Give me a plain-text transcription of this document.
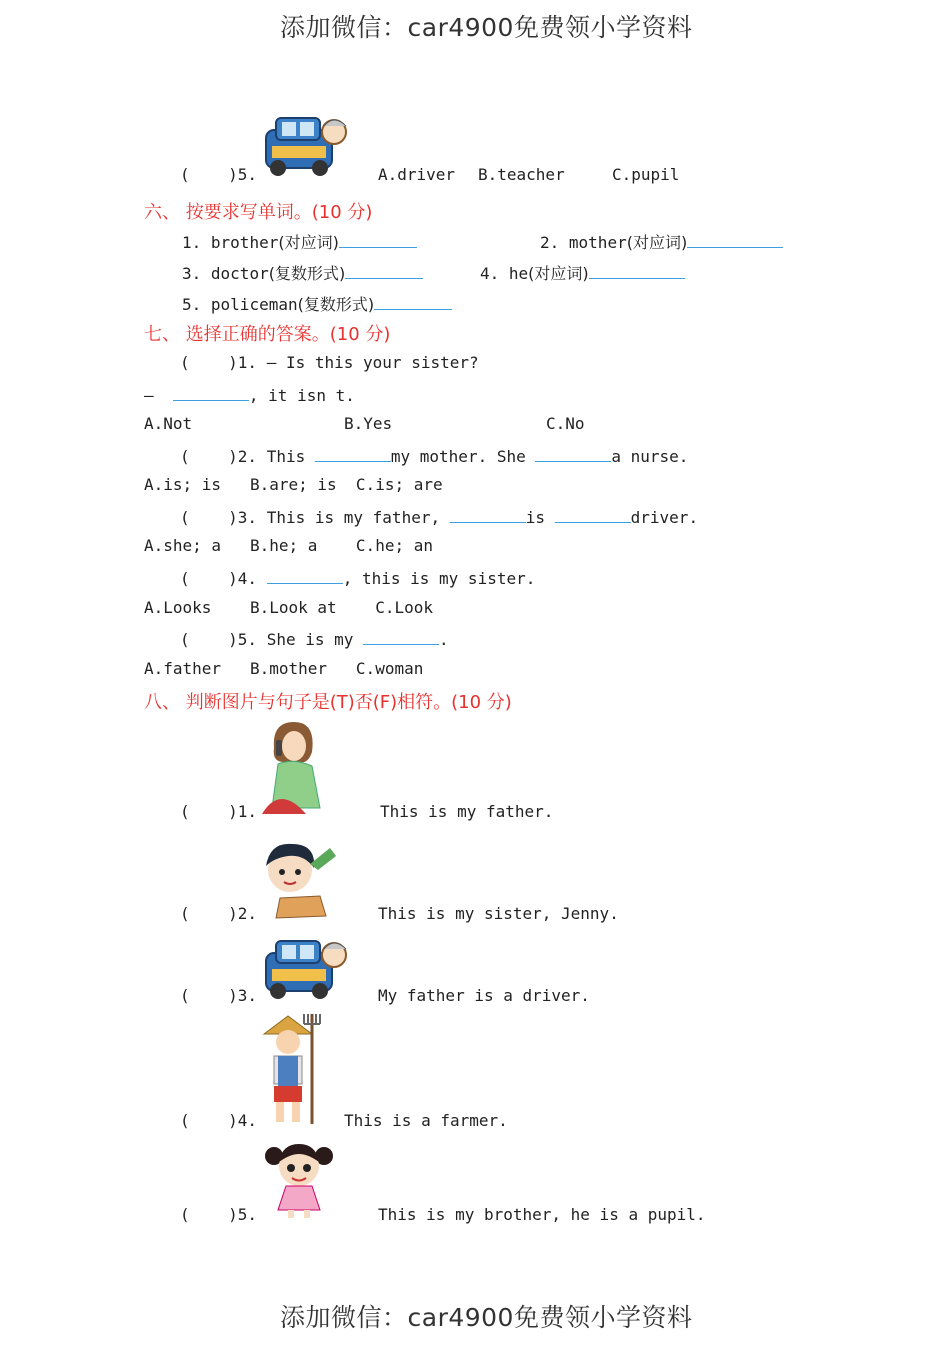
添加微信：car4900免费领小学资料
(    )5.	A.driver B.teacher	C.pupil
六、 按要求写单词。(10 分)
1. brother(对应词)	2. mother(对应词)
3. doctor(复数形式)	4. he(对应词)
5. policeman(复数形式)
七、 选择正确的答案。(10 分)
(    )1. — Is this your sister?
—	, it isn t.
A.Not	B.Yes	C.No
(    )2. This	my mother. She	a nurse.
A.is; is   B.are; is  C.is; are
(    )3. This is my father,	is	driver.
A.she; a   B.he; a    C.he; an
(    )4.	, this is my sister.
A.Looks    B.Look at    C.Look
(    )5. She is my	.
A.father   B.mother   C.woman
八、 判断图片与句子是(T)否(F)相符。(10 分)
(    )1.	This is my father.
(    )2.	This is my sister, Jenny.
(    )3.	My father is a driver.
(    )4.	This is a farmer.
(    )5.	This is my brother, he is a pupil.
添加微信：car4900免费领小学资料
